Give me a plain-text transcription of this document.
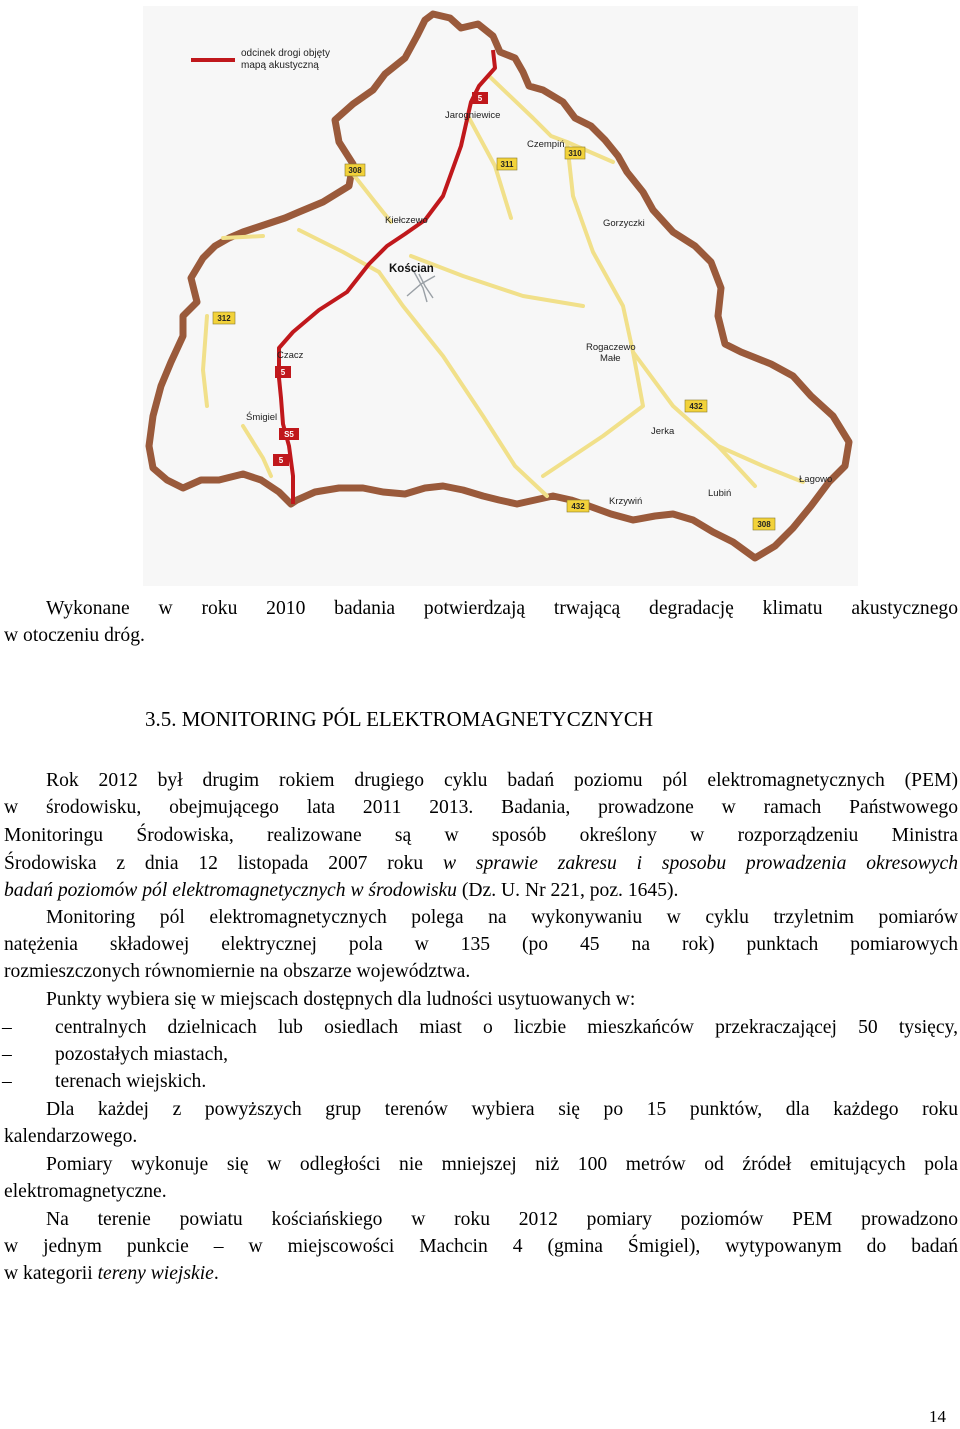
odcinek drogi objęty mapą akustyczną
Jarogniewice
Czempiń
Kiełczewo
Kościan
Gorzyczki
Czacz
Rogaczewo Małe
Śmigiel
Jerka
Krzywiń
Lubiń
Łagowo
5
5
S5
5
308
311
310
312
432
432
308
Wykonane w roku 2010 badania potwierdzają trwającą degradację klimatu akustycznego
w otoczeniu dróg.
3.5. MONITORING PÓL ELEKTROMAGNETYCZNYCH
Rok 2012 był drugim rokiem drugiego cyklu badań poziomu pól elektromagnetycznych (PEM)
w środowisku, obejmującego lata 2011 2013. Badania, prowadzone w ramach Państwowego
Monitoringu Środowiska, realizowane są w sposób określony w rozporządzeniu Ministra
Środowiska z dnia 12 listopada 2007 roku w sprawie zakresu i sposobu prowadzenia okresowych
badań poziomów pól elektromagnetycznych w środowisku (Dz. U. Nr 221, poz. 1645).
Monitoring pól elektromagnetycznych polega na wykonywaniu w cyklu trzyletnim pomiarów
natężenia składowej elektrycznej pola w 135 (po 45 na rok) punktach pomiarowych
rozmieszczonych równomiernie na obszarze województwa.
Punkty wybiera się w miejscach dostępnych dla ludności usytuowanych w:
– centralnych dzielnicach lub osiedlach miast o liczbie mieszkańców przekraczającej 50 tysięcy,
– pozostałych miastach,
– terenach wiejskich.
Dla każdej z powyższych grup terenów wybiera się po 15 punktów, dla każdego roku
kalendarzowego.
Pomiary wykonuje się w odległości nie mniejszej niż 100 metrów od źródeł emitujących pola
elektromagnetyczne.
Na terenie powiatu kościańskiego w roku 2012 pomiary poziomów PEM prowadzono
w jednym punkcie – w miejscowości Machcin 4 (gmina Śmigiel), wytypowanym do badań
w kategorii tereny wiejskie.
14
